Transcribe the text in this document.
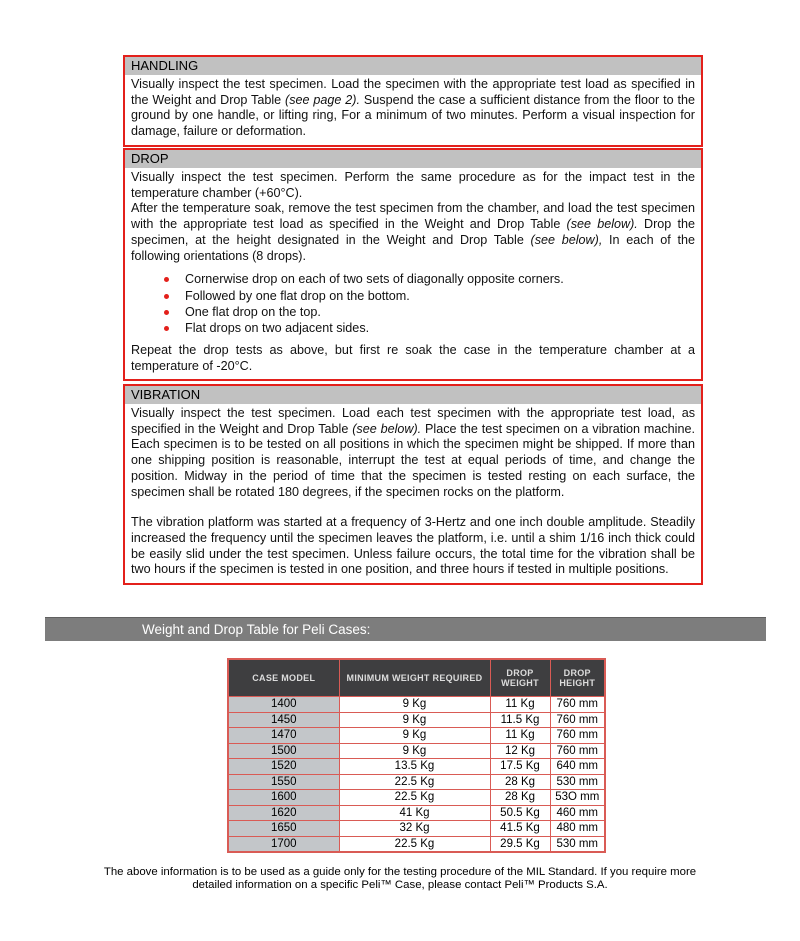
HANDLING

Visually inspect the test specimen. Load the specimen with the appropriate test load as specified in the Weight and Drop Table (see page 2). Suspend the case a sufficient distance from the floor to the ground by one handle, or lifting ring, For a minimum of two minutes. Perform a visual inspection for damage, failure or deformation.

DROP

Visually inspect the test specimen. Perform the same procedure as for the impact test in the temperature chamber (+60°C).

After the temperature soak, remove the test specimen from the chamber, and load the test specimen with the appropriate test load as specified in the Weight and Drop Table (see below). Drop the specimen, at the height designated in the Weight and Drop Table (see below), In each of the following orientations (8 drops).

Cornerwise drop on each of two sets of diagonally opposite corners.
Followed by one flat drop on the bottom.
One flat drop on the top.
Flat drops on two adjacent sides.

Repeat the drop tests as above, but first re soak the case in the temperature chamber at a temperature of -20°C.

VIBRATION

Visually inspect the test specimen. Load each test specimen with the appropriate test load, as specified in the Weight and Drop Table (see below). Place the test specimen on a vibration machine. Each specimen is to be tested on all positions in which the specimen might be shipped. If more than one shipping position is reasonable, interrupt the test at equal periods of time, and change the position. Midway in the period of time that the specimen is tested resting on each surface, the specimen shall be rotated 180 degrees, if the specimen rocks on the platform.

The vibration platform was started at a frequency of 3-Hertz and one inch double amplitude. Steadily increased the frequency until the specimen leaves the platform, i.e. until a shim 1/16 inch thick could be easily slid under the test specimen. Unless failure occurs, the total time for the vibration shall be two hours if the specimen is tested in one position, and three hours if tested in multiple positions.

Weight and Drop Table for Peli Cases:
CASE MODEL	MINIMUM WEIGHT REQUIRED	DROP WEIGHT	DROP HEIGHT
1400	9 Kg	11 Kg	760 mm
1450	9 Kg	11.5 Kg	760 mm
1470	9 Kg	11 Kg	760 mm
1500	9 Kg	12 Kg	760 mm
1520	13.5 Kg	17.5 Kg	640 mm
1550	22.5 Kg	28 Kg	530 mm
1600	22.5 Kg	28 Kg	53O mm
1620	41 Kg	50.5 Kg	460 mm
1650	32 Kg	41.5 Kg	480 mm
1700	22.5 Kg	29.5 Kg	530 mm
The above information is to be used as a guide only for the testing procedure of the MIL Standard. If you require more
detailed information on a specific Peli™ Case, please contact Peli™ Products S.A.
